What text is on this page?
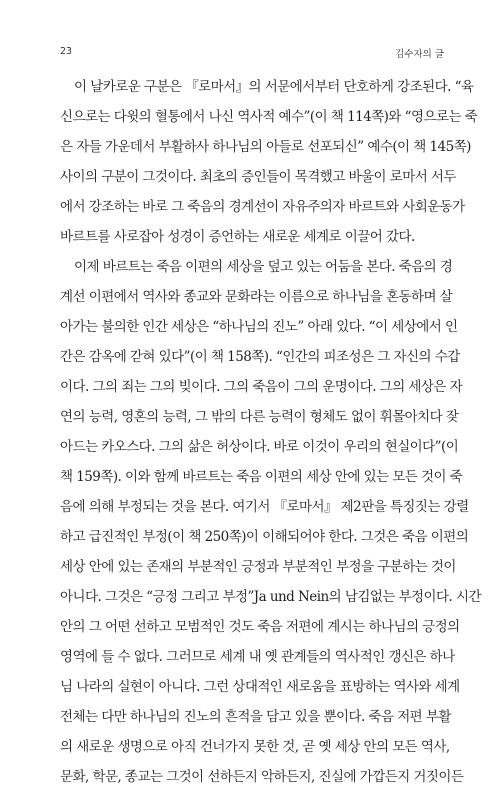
23	김수자의 글
이 날카로운 구분은 『로마서』의 서문에서부터 단호하게 강조된다. “육
신으로는 다윗의 혈통에서 나신 역사적 예수”(이 책 114쪽)와 “영으로는 죽
은 자들 가운데서 부활하사 하나님의 아들로 선포되신” 예수(이 책 145쪽)
사이의 구분이 그것이다. 최초의 증인들이 목격했고 바울이 로마서 서두
에서 강조하는 바로 그 죽음의 경계선이 자유주의자 바르트와 사회운동가
바르트를 사로잡아 성경이 증언하는 새로운 세계로 이끌어 갔다.
이제 바르트는 죽음 이편의 세상을 덮고 있는 어둠을 본다. 죽음의 경
계선 이편에서 역사와 종교와 문화라는 이름으로 하나님을 혼동하며 살
아가는 불의한 인간 세상은 “하나님의 진노” 아래 있다. “이 세상에서 인
간은 감옥에 갇혀 있다”(이 책 158쪽). “인간의 피조성은 그 자신의 수갑
이다. 그의 죄는 그의 빚이다. 그의 죽음이 그의 운명이다. 그의 세상은 자
연의 능력, 영혼의 능력, 그 밖의 다른 능력이 형체도 없이 휘몰아치다 잦
아드는 카오스다. 그의 삶은 허상이다. 바로 이것이 우리의 현실이다”(이
책 159쪽). 이와 함께 바르트는 죽음 이편의 세상 안에 있는 모든 것이 죽
음에 의해 부정되는 것을 본다. 여기서 『로마서』 제2판을 특징짓는 강렬
하고 급진적인 부정(이 책 250쪽)이 이해되어야 한다. 그것은 죽음 이편의
세상 안에 있는 존재의 부분적인 긍정과 부분적인 부정을 구분하는 것이
아니다. 그것은 “긍정 그리고 부정”Ja und Nein의 남김없는 부정이다. 시간
안의 그 어떤 선하고 모범적인 것도 죽음 저편에 계시는 하나님의 긍정의
영역에 들 수 없다. 그러므로 세계 내 옛 관계들의 역사적인 갱신은 하나
님 나라의 실현이 아니다. 그런 상대적인 새로움을 표방하는 역사와 세계
전체는 다만 하나님의 진노의 흔적을 담고 있을 뿐이다. 죽음 저편 부활
의 새로운 생명으로 아직 건너가지 못한 것, 곧 옛 세상 안의 모든 역사,
문화, 학문, 종교는 그것이 선하든지 악하든지, 진실에 가깝든지 거짓이든
